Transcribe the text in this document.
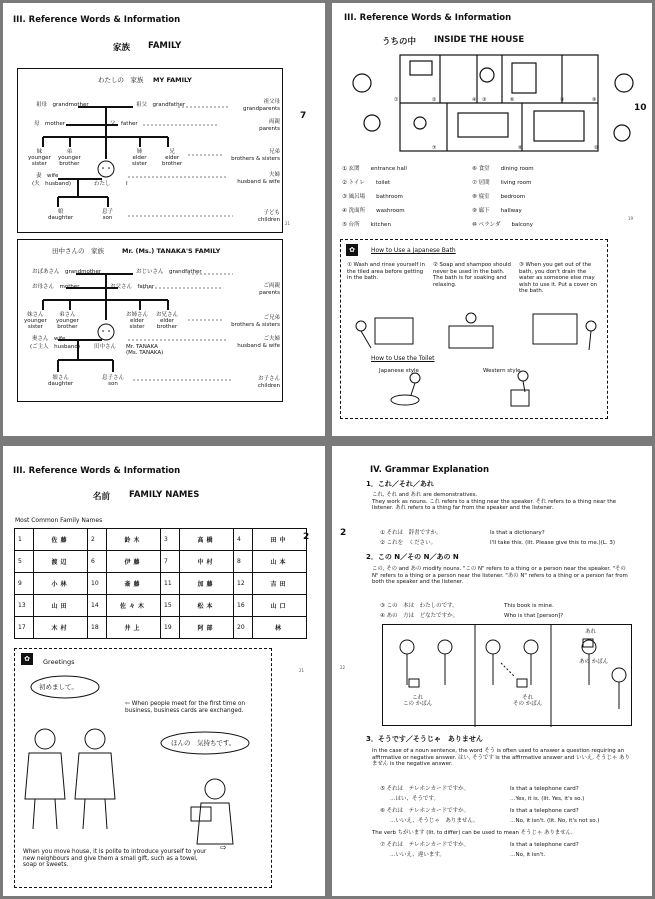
III. Reference Words & Information
家族 FAMILY
7
21
わたしの　家族 MY FAMILY
祖母　grandmother	祖父　grandfather	祖父母
grandparents
母　mother	父　father	両親
parents
妹
younger
sister
弟
younger
brother
姉
elder
sister
兄
elder
brother
兄弟
brothers & sisters
妻　wife
(夫　husband)	わたし	I
夫婦
husband & wife
娘
daughter
息子
son
子ども
children
田中さんの　家族	Mr. (Ms.) TANAKA'S FAMILY
おばあさん　grandmother	おじいさん　grandfather
お母さん　mother	お父さん　father	ご両親
parents
妹さん
younger
sister
弟さん
younger
brother
お姉さん
elder
sister
お兄さん
elder
brother
ご兄弟
brothers & sisters
奥さん　wife
(ご主人　husband)	田中さん Mr. TANAKA
(Ms. TANAKA)
ご夫婦
husband & wife
娘さん
daughter
息子さん
son
お子さん
children
III. Reference Words & Information
うちの中 INSIDE THE HOUSE
10
19
①	②	④	⑤
⑥
⑦	⑧
③	⑨
⑩
① 玄関　　entrance hall
② トイレ　　toilet
③ 風呂場　　bathroom
④ 洗面所　　washroom
⑤ 台所　　kitchen
⑥ 食堂　　dining room
⑦ 居間　　living room
⑧ 寝室　　bedroom
⑨ 廊下　　hallway
⑩ ベランダ　　balcony
✿	How to Use a Japanese Bath
① Wash and rinse yourself in the tiled area before getting in the bath.
② Soap and shampoo should never be used in the bath. The bath is for soaking and relaxing.
③ When you get out of the bath, you don't drain the water as someone else may wish to use it. Put a cover on the bath.
How to Use the Toilet
Japanese style	Western style
III. Reference Words & Information
名前 FAMILY NAMES
2
21
Most Common Family Names
1	佐藤	2	鈴木	3	高橋	4	田中
5	渡辺	6	伊藤	7	中村	8	山本
9	小林	10	斎藤	11	加藤	12	吉田
13	山田	14	佐々木	15	松本	16	山口
17	木村	18	井上	19	阿部	20	林
✿	Greetings
初めまして。
⇦ When people meet for the first time on business, business cards are exchanged.
ほんの　気持ちです。
⇨
When you move house, it is polite to introduce yourself to your new neighbours and give them a small gift, such as a towel, soap or sweets.
IV. Grammar Explanation
2
22
1．これ／それ／あれ
これ, それ and あれ are demonstratives.
They work as nouns. これ refers to a thing near the speaker. それ refers to a thing near the listener. あれ refers to a thing far from the speaker and the listener.
① それは　辞書ですか。	Is that a dictionary?
② これを　ください。	I'll take this. (lit. Please give this to me.)(L. 3)
2．この N／その N／あの N
この, その and あの modify nouns. "この N" refers to a thing or a person near the speaker. "その N" refers to a thing or a person near the listener. "あの N" refers to a thing or a person far from both the speaker and the listener.
③ この　本は　わたしのです。	This book is mine.
④ あの　方は　どなたですか。	Who is that [person]?
これ
この かばん
それ
その かばん
あれ
あの かばん
3．そうです／そうじゃ　ありません
In the case of a noun sentence, the word そう is often used to answer a question requiring an affirmative or negative answer. はい, そうです is the affirmative answer and いいえ, そうじゃ ありません is the negative answer.
⑤ それは　テレホンカードですか。	Is that a telephone card?
…はい、そうです。	…Yes, it is. (lit. Yes, it's so.)
⑥ それは　テレホンカードですか。	Is that a telephone card?
…いいえ、そうじゃ　ありません。	…No, it isn't. (lit. No, it's not so.)
The verb ちがいます (lit. to differ) can be used to mean そうじゃ ありません.
⑦ それは　テレホンカードですか。	Is that a telephone card?
…いいえ、違います。	…No, it isn't.
